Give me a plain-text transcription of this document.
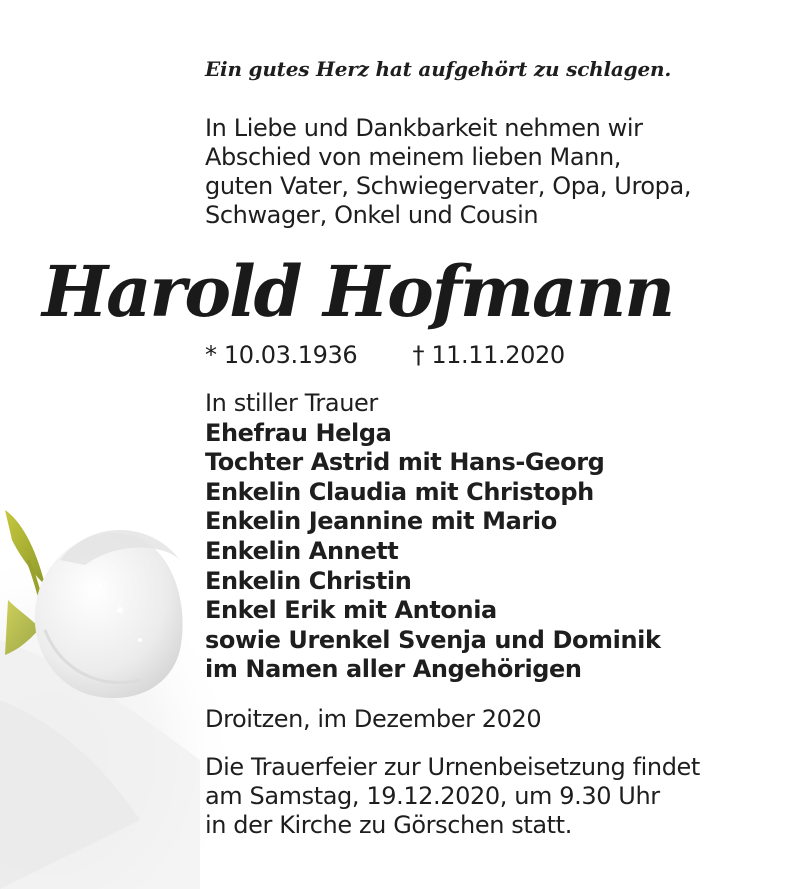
Ein gutes Herz hat aufgehört zu schlagen.

In Liebe und Dankbarkeit nehmen wir
Abschied von meinem lieben Mann,
guten Vater, Schwiegervater, Opa, Uropa,
Schwager, Onkel und Cousin

Harold Hofmann
* 10.03.1936 † 11.11.2020
In stiller Trauer
Ehefrau Helga
Tochter Astrid mit Hans-Georg
Enkelin Claudia mit Christoph
Enkelin Jeannine mit Mario
Enkelin Annett
Enkelin Christin
Enkel Erik mit Antonia
sowie Urenkel Svenja und Dominik
im Namen aller Angehörigen
Droitzen, im Dezember 2020
Die Trauerfeier zur Urnenbeisetzung findet
am Samstag, 19.12.2020, um 9.30 Uhr
in der Kirche zu Görschen statt.
